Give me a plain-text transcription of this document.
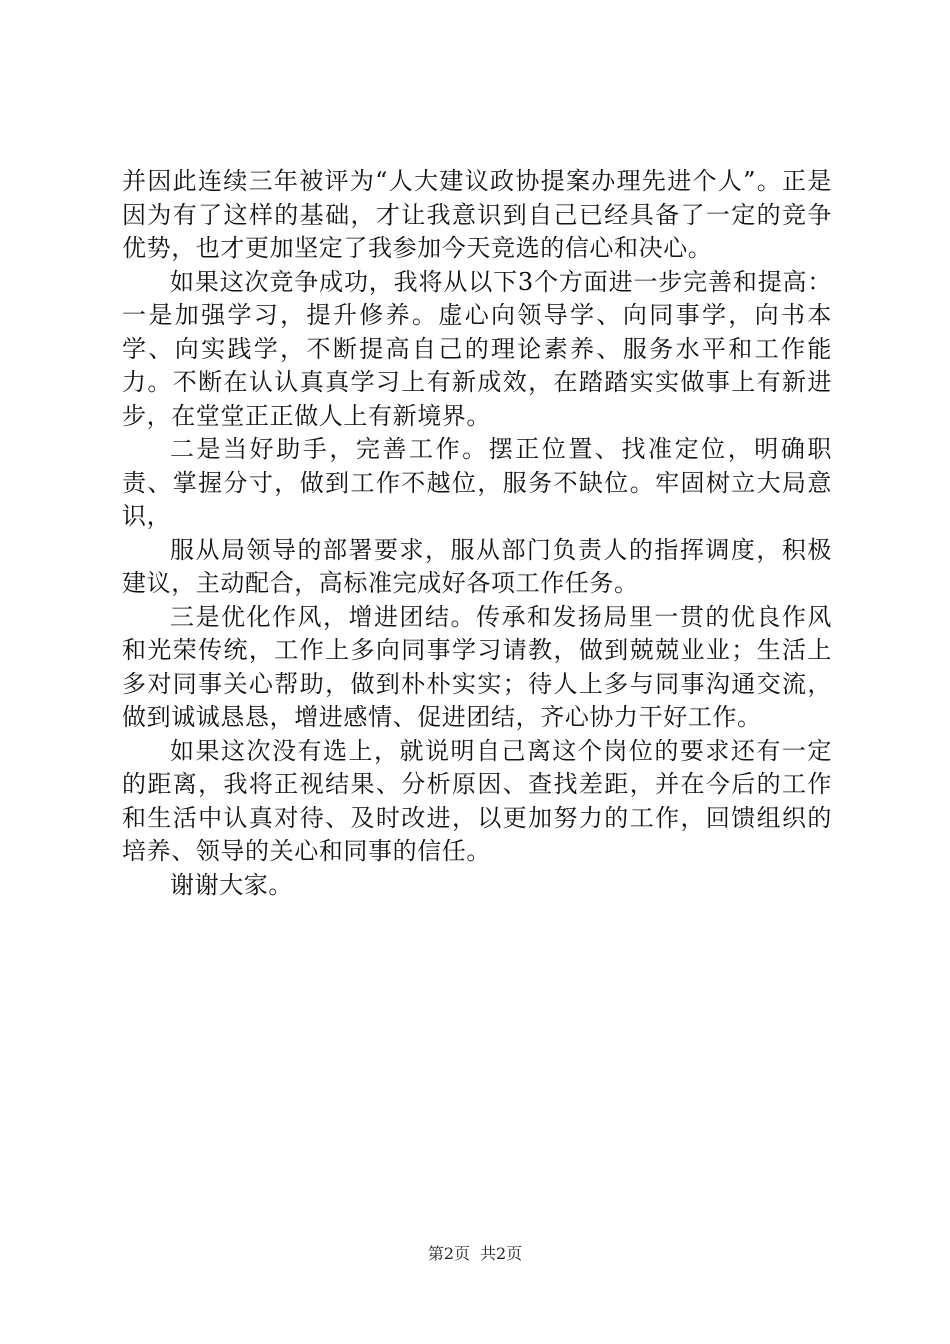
并因此连续三年被评为“人大建议政协提案办理先进个人”。正是因为有了这样的基础，才让我意识到自己已经具备了一定的竞争优势，也才更加坚定了我参加今天竞选的信心和决心。

如果这次竞争成功，我将从以下3个方面进一步完善和提高：一是加强学习，提升修养。虚心向领导学、向同事学，向书本学、向实践学，不断提高自己的理论素养、服务水平和工作能力。不断在认认真真学习上有新成效，在踏踏实实做事上有新进步，在堂堂正正做人上有新境界。

二是当好助手，完善工作。摆正位置、找准定位，明确职责、掌握分寸，做到工作不越位，服务不缺位。牢固树立大局意识，

服从局领导的部署要求，服从部门负责人的指挥调度，积极建议，主动配合，高标准完成好各项工作任务。

三是优化作风，增进团结。传承和发扬局里一贯的优良作风和光荣传统，工作上多向同事学习请教，做到兢兢业业；生活上多对同事关心帮助，做到朴朴实实；待人上多与同事沟通交流，做到诚诚恳恳，增进感情、促进团结，齐心协力干好工作。

如果这次没有选上，就说明自己离这个岗位的要求还有一定的距离，我将正视结果、分析原因、查找差距，并在今后的工作和生活中认真对待、及时改进，以更加努力的工作，回馈组织的培养、领导的关心和同事的信任。

谢谢大家。

第2页 共2页
